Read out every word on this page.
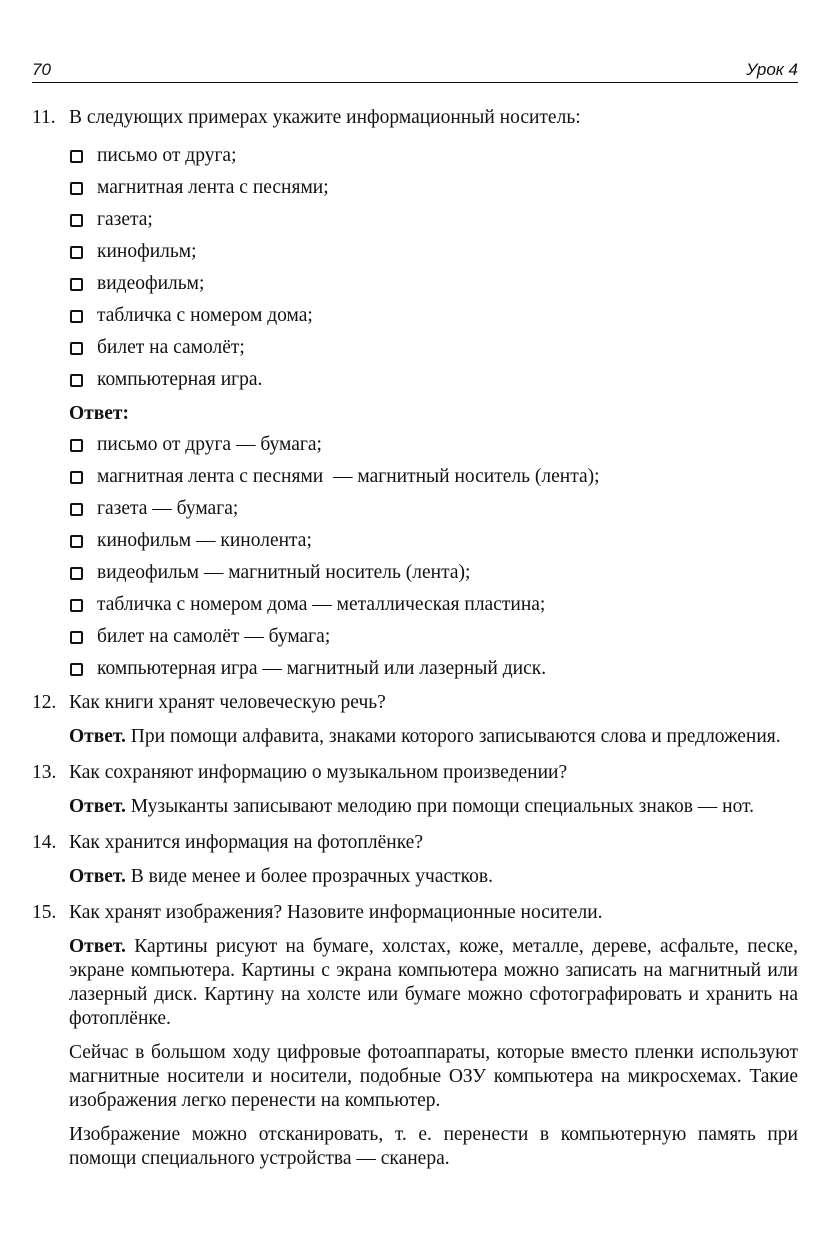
70	Урок 4
11. В следующих примерах укажите информационный носитель:
письмо от друга;
магнитная лента с песнями;
газета;
кинофильм;
видеофильм;
табличка с номером дома;
билет на самолёт;
компьютерная игра.
Ответ:
письмо от друга — бумага;
магнитная лента с песнями  — магнитный носитель (лента);
газета — бумага;
кинофильм — кинолента;
видеофильм — магнитный носитель (лента);
табличка с номером дома — металлическая пластина;
билет на самолёт — бумага;
компьютерная игра — магнитный или лазерный диск.
12. Как книги хранят человеческую речь?
Ответ. При помощи алфавита, знаками которого записываются слова и предложения.
13. Как сохраняют информацию о музыкальном произведении?
Ответ. Музыканты записывают мелодию при помощи специальных знаков — нот.
14. Как хранится информация на фотоплёнке?
Ответ. В виде менее и более прозрачных участков.
15. Как хранят изображения? Назовите информационные носители.
Ответ. Картины рисуют на бумаге, холстах, коже, металле, дереве, асфальте, песке, экране компьютера. Картины с экрана компьютера можно записать на магнитный или лазерный диск. Картину на холсте или бумаге можно сфотографировать и хранить на фотоплёнке.
Сейчас в большом ходу цифровые фотоаппараты, которые вместо пленки используют магнитные носители и носители, подобные ОЗУ компьютера на микросхемах. Такие изображения легко перенести на компьютер.
Изображение можно отсканировать, т. е. перенести в компьютерную память при помощи специального устройства — сканера.
